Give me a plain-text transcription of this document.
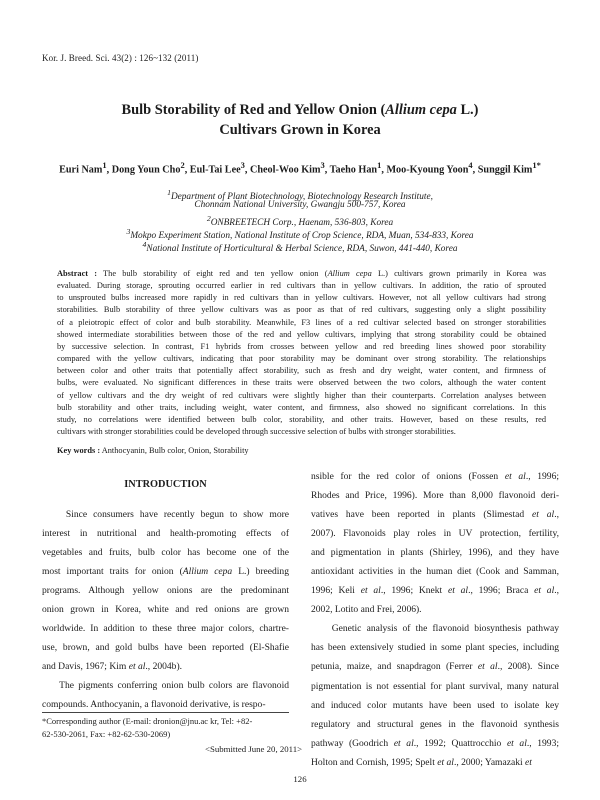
Kor. J. Breed. Sci. 43(2) : 126~132 (2011)
Bulb Storability of Red and Yellow Onion (Allium cepa L.)
Cultivars Grown in Korea
Euri Nam$^1$, Dong Youn Cho$^2$, Eul-Tai Lee$^3$, Cheol-Woo Kim$^3$, Taeho Han$^1$, Moo-Kyoung Yoon$^4$, Sunggil Kim$^{1*}$
$^1$Department of Plant Biotechnology, Biotechnology Research Institute,
Chonnam National University, Gwangju 500-757, Korea
$^2$ONBREETECH Corp., Haenam, 536-803, Korea
$^3$Mokpo Experiment Station, National Institute of Crop Science, RDA, Muan, 534-833, Korea
$^4$National Institute of Horticultural & Herbal Science, RDA, Suwon, 441-440, Korea
Abstract : The bulb storability of eight red and ten yellow onion (Allium cepa L.) cultivars grown primarily in Korea was
evaluated. During storage, sprouting occurred earlier in red cultivars than in yellow cultivars. In addition, the ratio of sprouted
to unsprouted bulbs increased more rapidly in red cultivars than in yellow cultivars. However, not all yellow cultivars had strong
storabilities. Bulb storability of three yellow cultivars was as poor as that of red cultivars, suggesting only a slight possibility
of a pleiotropic effect of color and bulb storability. Meanwhile, F3 lines of a red cultivar selected based on stronger storabilities
showed intermediate storabilities between those of the red and yellow cultivars, implying that strong storability could be obtained
by successive selection. In contrast, F1 hybrids from crosses between yellow and red breeding lines showed poor storability
compared with the yellow cultivars, indicating that poor storability may be dominant over strong storability. The relationships
between color and other traits that potentially affect storability, such as fresh and dry weight, water content, and firmness of
bulbs, were evaluated. No significant differences in these traits were observed between the two colors, although the water content
of yellow cultivars and the dry weight of red cultivars were slightly higher than their counterparts. Correlation analyses between
bulb storability and other traits, including weight, water content, and firmness, also showed no significant correlations. In this
study, no correlations were identified between bulb color, storability, and other traits. However, based on these results, red
cultivars with stronger storabilities could be developed through successive selection of bulbs with stronger storabilities.
Key words : Anthocyanin, Bulb color, Onion, Storability
INTRODUCTION
Since consumers have recently begun to show more
interest in nutritional and health-promoting effects of
vegetables and fruits, bulb color has become one of the
most important traits for onion (Allium cepa L.) breeding
programs. Although yellow onions are the predominant
onion grown in Korea, white and red onions are grown
worldwide. In addition to these three major colors, chartre-
use, brown, and gold bulbs have been reported (El-Shafie
and Davis, 1967; Kim et al., 2004b).
The pigments conferring onion bulb colors are flavonoid
compounds. Anthocyanin, a flavonoid derivative, is respo-
nsible for the red color of onions (Fossen et al., 1996;
Rhodes and Price, 1996). More than 8,000 flavonoid deri-
vatives have been reported in plants (Slimestad et al.,
2007). Flavonoids play roles in UV protection, fertility,
and pigmentation in plants (Shirley, 1996), and they have
antioxidant activities in the human diet (Cook and Samman,
1996; Keli et al., 1996; Knekt et al., 1996; Braca et al.,
2002, Lotito and Frei, 2006).
Genetic analysis of the flavonoid biosynthesis pathway
has been extensively studied in some plant species, including
petunia, maize, and snapdragon (Ferrer et al., 2008). Since
pigmentation is not essential for plant survival, many natural
and induced color mutants have been used to isolate key
regulatory and structural genes in the flavonoid synthesis
pathway (Goodrich et al., 1992; Quattrocchio et al., 1993;
Holton and Cornish, 1995; Spelt et al., 2000; Yamazaki et
*Corresponding author (E-mail: dronion@jnu.ac kr, Tel: +82-
62-530-2061, Fax: +82-62-530-2069)
<Submitted June 20, 2011>
126
